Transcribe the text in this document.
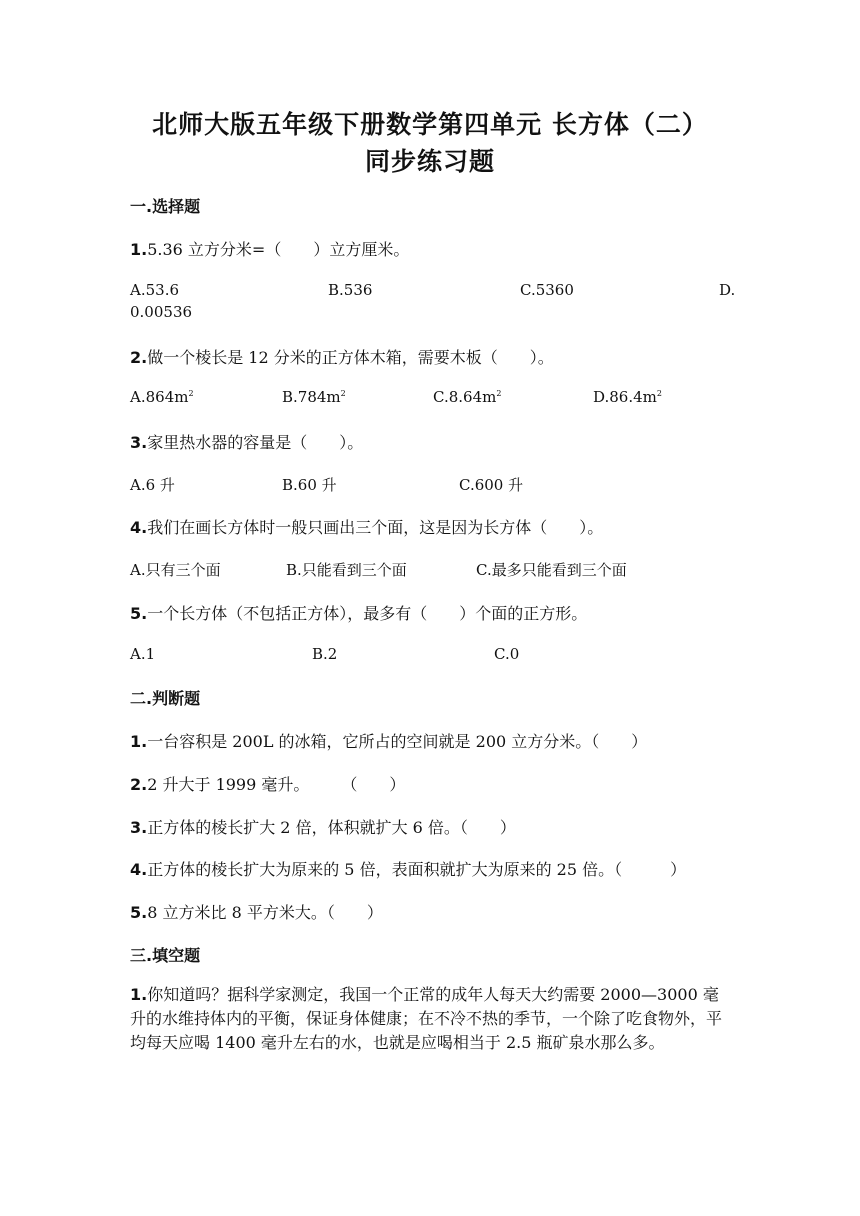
北师大版五年级下册数学第四单元 长方体（二）
同步练习题
一.选择题
1.5.36 立方分米=（　　）立方厘米。
A.53.6	B.536	C.5360	D.
0.00536
2.做一个棱长是 12 分米的正方体木箱，需要木板（　　）。
$A.864m^2$	$B.784m^2$	$C.8.64m^2$	$D.86.4m^2$
3.家里热水器的容量是（　　）。
A.6 升	B.60 升	C.600 升
4.我们在画长方体时一般只画出三个面，这是因为长方体（　　）。
A.只有三个面	B.只能看到三个面	C.最多只能看到三个面
5.一个长方体（不包括正方体），最多有（　　）个面的正方形。
A.1	B.2	C.0
二.判断题
1.一台容积是 200L 的冰箱，它所占的空间就是 200 立方分米。（　　）
2.2 升大于 1999 毫升。　　　（　　）
3.正方体的棱长扩大 2 倍，体积就扩大 6 倍。（　　）
4.正方体的棱长扩大为原来的 5 倍，表面积就扩大为原来的 25 倍。（　　　）
5.8 立方米比 8 平方米大。（　　）
三.填空题
1.你知道吗？据科学家测定，我国一个正常的成年人每天大约需要 2000—3000 毫升的水维持体内的平衡，保证身体健康；在不冷不热的季节，一个除了吃食物外，平均每天应喝 1400 毫升左右的水，也就是应喝相当于 2.5 瓶矿泉水那么多。
